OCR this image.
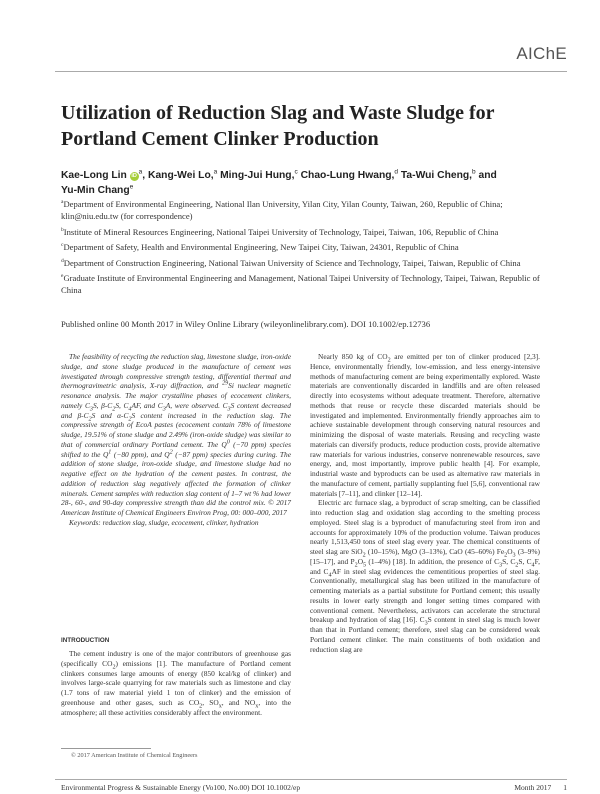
AIChE
Utilization of Reduction Slag and Waste Sludge for
Portland Cement Clinker Production
Kae-Long Lin $iD^a$, Kang-Wei Lo,$^a$ Ming-Jui Hung,$^c$ Chao-Lung Hwang,$^d$ Ta-Wui Cheng,$^b$ and
Yu-Min Chang$^e$

$^a$Department of Environmental Engineering, National Ilan University, Yilan City, Yilan County, Taiwan, 260, Republic of China; klin@niu.edu.tw (for correspondence)

$^b$Institute of Mineral Resources Engineering, National Taipei University of Technology, Taipei, Taiwan, 106, Republic of China

$^c$Department of Safety, Health and Environmental Engineering, New Taipei City, Taiwan, 24301, Republic of China

$^d$Department of Construction Engineering, National Taiwan University of Science and Technology, Taipei, Taiwan, Republic of China

$^e$Graduate Institute of Environmental Engineering and Management, National Taipei University of Technology, Taipei, Taiwan, Republic of China

Published online 00 Month 2017 in Wiley Online Library (wileyonlinelibrary.com). DOI 10.1002/ep.12736

The feasibility of recycling the reduction slag, limestone sludge, iron-oxide sludge, and stone sludge produced in the manufacture of cement was investigated through compressive strength testing, differential thermal and thermogravimetric analysis, X-ray diffraction, and $^{29}$Si nuclear magnetic resonance analysis. The major crystalline phases of ecocement clinkers, namely $C_3S$, $\beta-C_2S$, $C_4AF$, and $C_3A$, were observed. $C_3S$ content decreased and $\beta-C_2S$ and $\alpha-C_2S$ content increased in the reduction slag. The compressive strength of EcoA pastes (ecocement contain 78% of limestone sludge, 19.51% of stone sludge and 2.49% (iron-oxide sludge) was similar to that of commercial ordinary Portland cement. The $Q^0$ (−70 ppm) species shifted to the $Q^1$ (−80 ppm), and $Q^2$ (−87 ppm) species during curing. The addition of stone sludge, iron-oxide sludge, and limestone sludge had no negative effect on the hydration of the cement pastes. In contrast, the addition of reduction slag negatively affected the formation of clinker minerals. Cement samples with reduction slag content of 1–7 wt % had lower 28-, 60-, and 90-day compressive strength than did the control mix. © 2017 American Institute of Chemical Engineers Environ Prog, 00: 000–000, 2017

Keywords: reduction slag, sludge, ecocement, clinker, hydration

INTRODUCTION

The cement industry is one of the major contributors of greenhouse gas (specifically $CO_2$) emissions [1]. The manufacture of Portland cement clinkers consumes large amounts of energy (850 kcal/kg of clinker) and involves large-scale quarrying for raw materials such as limestone and clay (1.7 tons of raw material yield 1 ton of clinker) and the emission of greenhouse and other gases, such as $CO_2$, $SO_x$, and $NO_x$, into the atmosphere; all these activities considerably affect the environment.

© 2017 American Institute of Chemical Engineers

Nearly 850 kg of $CO_2$ are emitted per ton of clinker produced [2,3]. Hence, environmentally friendly, low-emission, and less energy-intensive methods of manufacturing cement are being experimentally explored. Waste materials are conventionally discarded in landfills and are often released directly into ecosystems without adequate treatment. Therefore, alternative methods that reuse or recycle these discarded materials should be investigated and implemented. Environmentally friendly approaches aim to achieve sustainable development through conserving natural resources and minimizing the disposal of waste materials. Reusing and recycling waste materials can diversify products, reduce production costs, provide alternative raw materials for various industries, conserve nonrenewable resources, save energy, and, most importantly, improve public health [4]. For example, industrial waste and byproducts can be used as alternative raw materials in the manufacture of cement, partially supplanting fuel [5,6], conventional raw materials [7–11], and clinker [12–14].

Electric arc furnace slag, a byproduct of scrap smelting, can be classified into reduction slag and oxidation slag according to the smelting process employed. Steel slag is a byproduct of manufacturing steel from iron and accounts for approximately 10% of the production volume. Taiwan produces nearly 1,513,450 tons of steel slag every year. The chemical constituents of steel slag are SiO$_2$ (10–15%), MgO (3–13%), CaO (45–60%) $Fe_2O_3$ (3–9%) [15–17], and $P_2O_5$ (1–4%) [18]. In addition, the presence of $C_3S$, $C_2S$, $C_4F$, and $C_4AF$ in steel slag evidences the cementitious properties of steel slag. Conventionally, metallurgical slag has been utilized in the manufacture of cementing materials as a partial substitute for Portland cement; this usually results in lower early strength and longer setting times compared with conventional cement. Nevertheless, activators can accelerate the structural breakup and hydration of slag [16]. $C_3S$ content in steel slag is much lower than that in Portland cement; therefore, steel slag can be considered weak Portland cement clinker. The main constituents of both oxidation and reduction slag are

Environmental Progress & Sustainable Energy (Vo100, No.00) DOI 10.1002/ep	Month 2017 1
